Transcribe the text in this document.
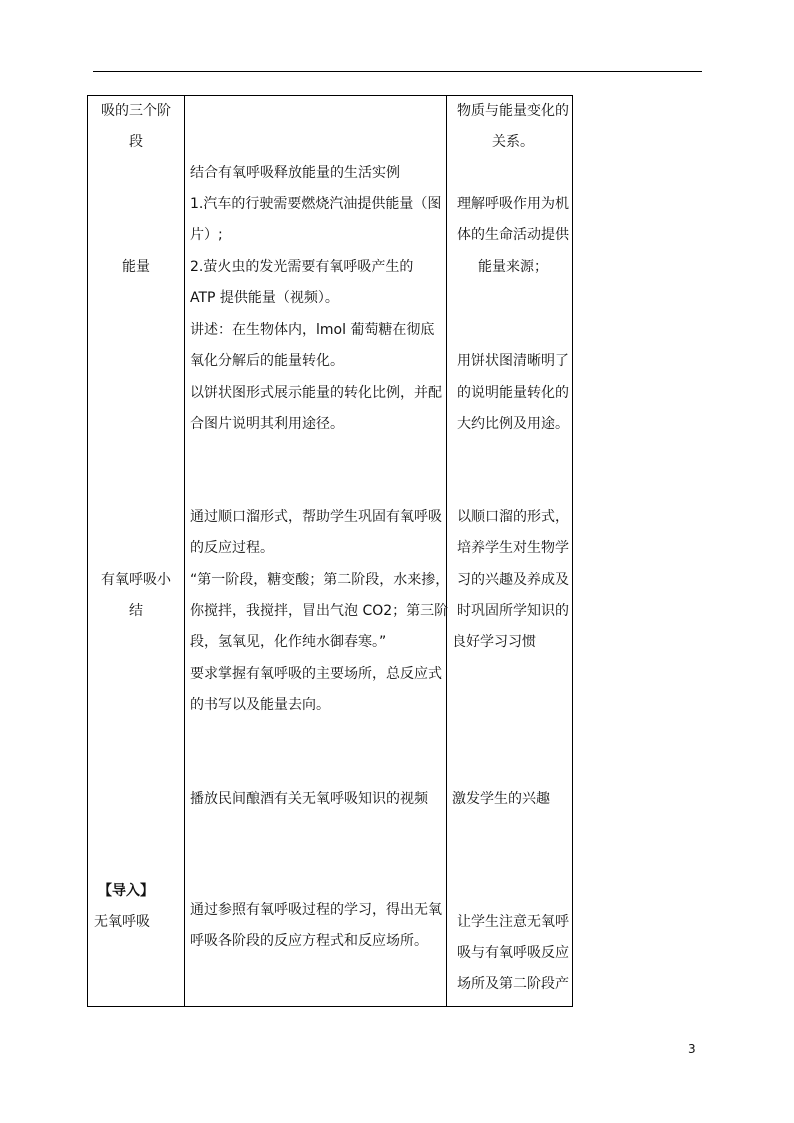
吸的三个阶
段
能量
有氧呼吸小
结
【导入】
无氧呼吸
结合有氧呼吸释放能量的生活实例
1.汽车的行驶需要燃烧汽油提供能量（图
片）;
2.萤火虫的发光需要有氧呼吸产生的
ATP 提供能量（视频）。
讲述：在生物体内，lmol 葡萄糖在彻底
氧化分解后的能量转化。
以饼状图形式展示能量的转化比例，并配
合图片说明其利用途径。
通过顺口溜形式，帮助学生巩固有氧呼吸
的反应过程。
“第一阶段，糖变酸；第二阶段，水来掺，
你搅拌，我搅拌，冒出气泡 CO2；第三阶
段，氢氧见，化作纯水御春寒。”
要求掌握有氧呼吸的主要场所，总反应式
的书写以及能量去向。
播放民间酿酒有关无氧呼吸知识的视频
通过参照有氧呼吸过程的学习，得出无氧
呼吸各阶段的反应方程式和反应场所。
物质与能量变化的
关系。
理解呼吸作用为机
体的生命活动提供
能量来源；
用饼状图清晰明了
的说明能量转化的
大约比例及用途。
以顺口溜的形式，
培养学生对生物学
习的兴趣及养成及
时巩固所学知识的
良好学习习惯
激发学生的兴趣
让学生注意无氧呼
吸与有氧呼吸反应
场所及第二阶段产
3
